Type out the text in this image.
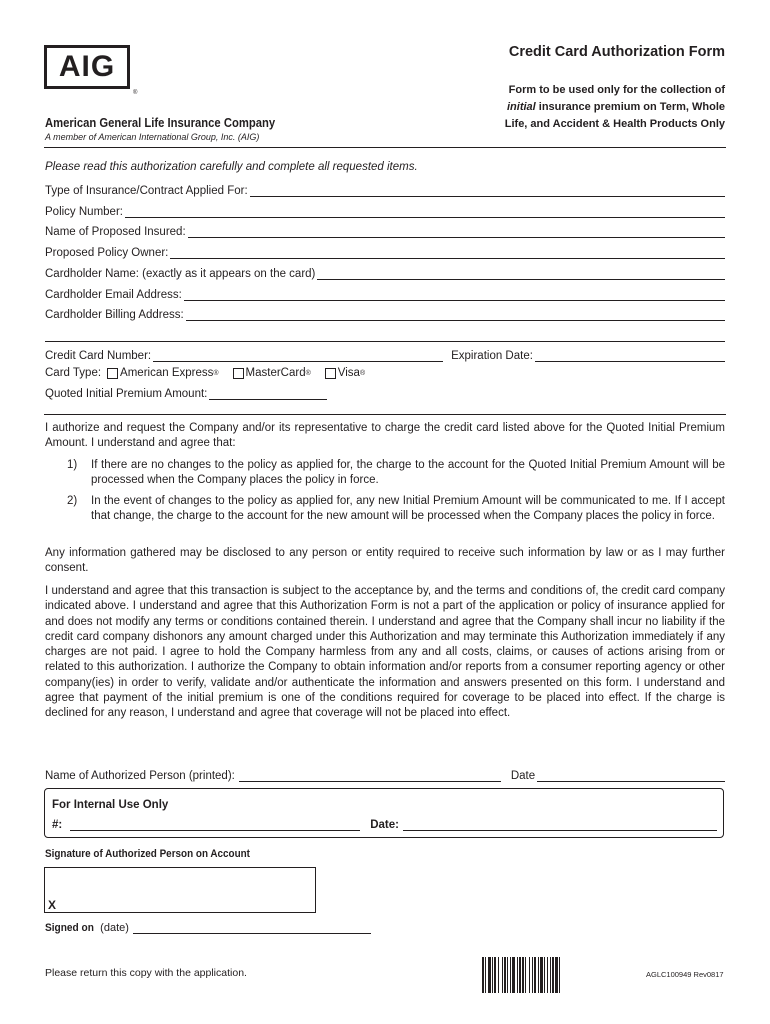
AIG
®
American General Life Insurance Company
A member of American International Group, Inc. (AIG)
Credit Card Authorization Form
Form to be used only for the collection of
initial insurance premium on Term, Whole
Life, and Accident & Health Products Only
Please read this authorization carefully and complete all requested items.
Type of Insurance/Contract Applied For:
Policy Number:
Name of Proposed Insured:
Proposed Policy Owner:
Cardholder Name: (exactly as it appears on the card)
Cardholder Email Address:
Cardholder Billing Address:
Credit Card Number:	Expiration Date:
Card Type: American Express ® MasterCard ® Visa ®
Quoted Initial Premium Amount:
I authorize and request the Company and/or its representative to charge the credit card listed above for the Quoted Initial Premium Amount. I understand and agree that:
1)	If there are no changes to the policy as applied for, the charge to the account for the Quoted Initial Premium Amount will be processed when the Company places the policy in force.
2)	In the event of changes to the policy as applied for, any new Initial Premium Amount will be communicated to me. If I accept that change, the charge to the account for the new amount will be processed when the Company places the policy in force.
Any information gathered may be disclosed to any person or entity required to receive such information by law or as I may further consent.
I understand and agree that this transaction is subject to the acceptance by, and the terms and conditions of, the credit card company indicated above. I understand and agree that this Authorization Form is not a part of the application or policy of insurance applied for and does not modify any terms or conditions contained therein. I understand and agree that the Company shall incur no liability if the credit card company dishonors any amount charged under this Authorization and may terminate this Authorization immediately if any charges are not paid. I agree to hold the Company harmless from any and all costs, claims, or causes of actions arising from or related to this authorization. I authorize the Company to obtain information and/or reports from a consumer reporting agency or other company(ies) in order to verify, validate and/or authenticate the information and answers presented on this form. I understand and agree that payment of the initial premium is one of the conditions required for coverage to be placed into effect. If the charge is declined for any reason, I understand and agree that coverage will not be placed into effect.
Name of Authorized Person (printed):	Date
For Internal Use Only
#:	Date:
Signature of Authorized Person on Account
X
Signed on (date)
Please return this copy with the application.	AGLC100949 Rev0817
